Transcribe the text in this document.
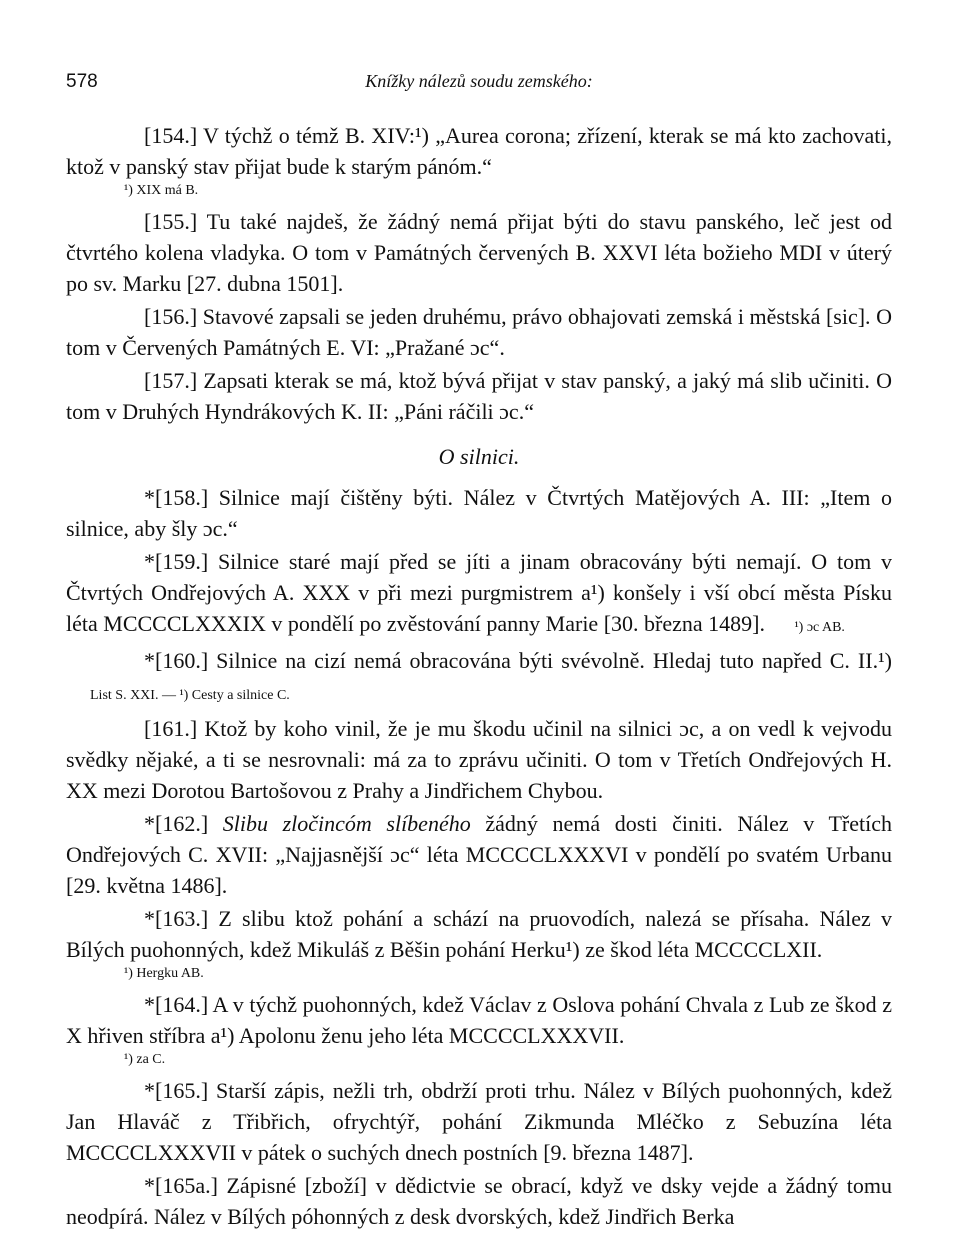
578	Knížky nálezů soudu zemského:

[154.] V týchž o témž B. XIV:¹) „Aurea corona; zřízení, kterak se má kto zachovati, ktož v panský stav přijat bude k starým pánóm.“

¹) XIX má B.

[155.] Tu také najdeš, že žádný nemá přijat býti do stavu panského, leč jest od čtvrtého kolena vladyka. O tom v Památných červených B. XXVI léta božieho MDI v úterý po sv. Marku [27. dubna 1501].

[156.] Stavové zapsali se jeden druhému, právo obhajovati zemská i městská [sic]. O tom v Červených Památných E. VI: „Pražané ɔc“.

[157.] Zapsati kterak se má, ktož bývá přijat v stav panský, a jaký má slib učiniti. O tom v Druhých Hyndrákových K. II: „Páni ráčili ɔc.“

O silnici.

*[158.] Silnice mají čištěny býti. Nález v Čtvrtých Matějových A. III: „Item o silnice, aby šly ɔc.“

*[159.] Silnice staré mají před se jíti a jinam obracovány býti nemají. O tom v Čtvrtých Ondřejových A. XXX v při mezi purgmistrem a¹) konšely i vší obcí města Písku léta MCCCCLXXXIX v pondělí po zvěstování panny Marie [30. března 1489]. ¹) ɔc AB.

*[160.] Silnice na cizí nemá obracována býti svévolně. Hledaj tuto napřed C. II.¹) List S. XXI. — ¹) Cesty a silnice C.

[161.] Ktož by koho vinil, že je mu škodu učinil na silnici ɔc, a on vedl k vejvodu svědky nějaké, a ti se nesrovnali: má za to zprávu učiniti. O tom v Třetích Ondřejových H. XX mezi Dorotou Bartošovou z Prahy a Jindřichem Chybou.

*[162.] Slibu zločincóm slíbeného žádný nemá dosti činiti. Nález v Třetích Ondřejových C. XVII: „Najjasnější ɔc“ léta MCCCCLXXXVI v pondělí po svatém Urbanu [29. května 1486].

*[163.] Z slibu ktož pohání a schází na pruovodích, nalezá se přísaha. Nález v Bílých puohonných, kdež Mikuláš z Běšin pohání Herku¹) ze škod léta MCCCCLXII.

¹) Hergku AB.

*[164.] A v týchž puohonných, kdež Václav z Oslova pohání Chvala z Lub ze škod z X hřiven stříbra a¹) Apolonu ženu jeho léta MCCCCLXXXVII.

¹) za C.

*[165.] Starší zápis, nežli trh, obdrží proti trhu. Nález v Bílých puohonných, kdež Jan Hlaváč z Třibřich, ofrychtýř, pohání Zikmunda Mléčko z Sebuzína léta MCCCCLXXXVII v pátek o suchých dnech postních [9. března 1487].

*[165a.] Zápisné [zboží] v dědictvie se obrací, když ve dsky vejde a žádný tomu neodpírá. Nález v Bílých póhonných z desk dvorských, kdež Jindřich Berka
